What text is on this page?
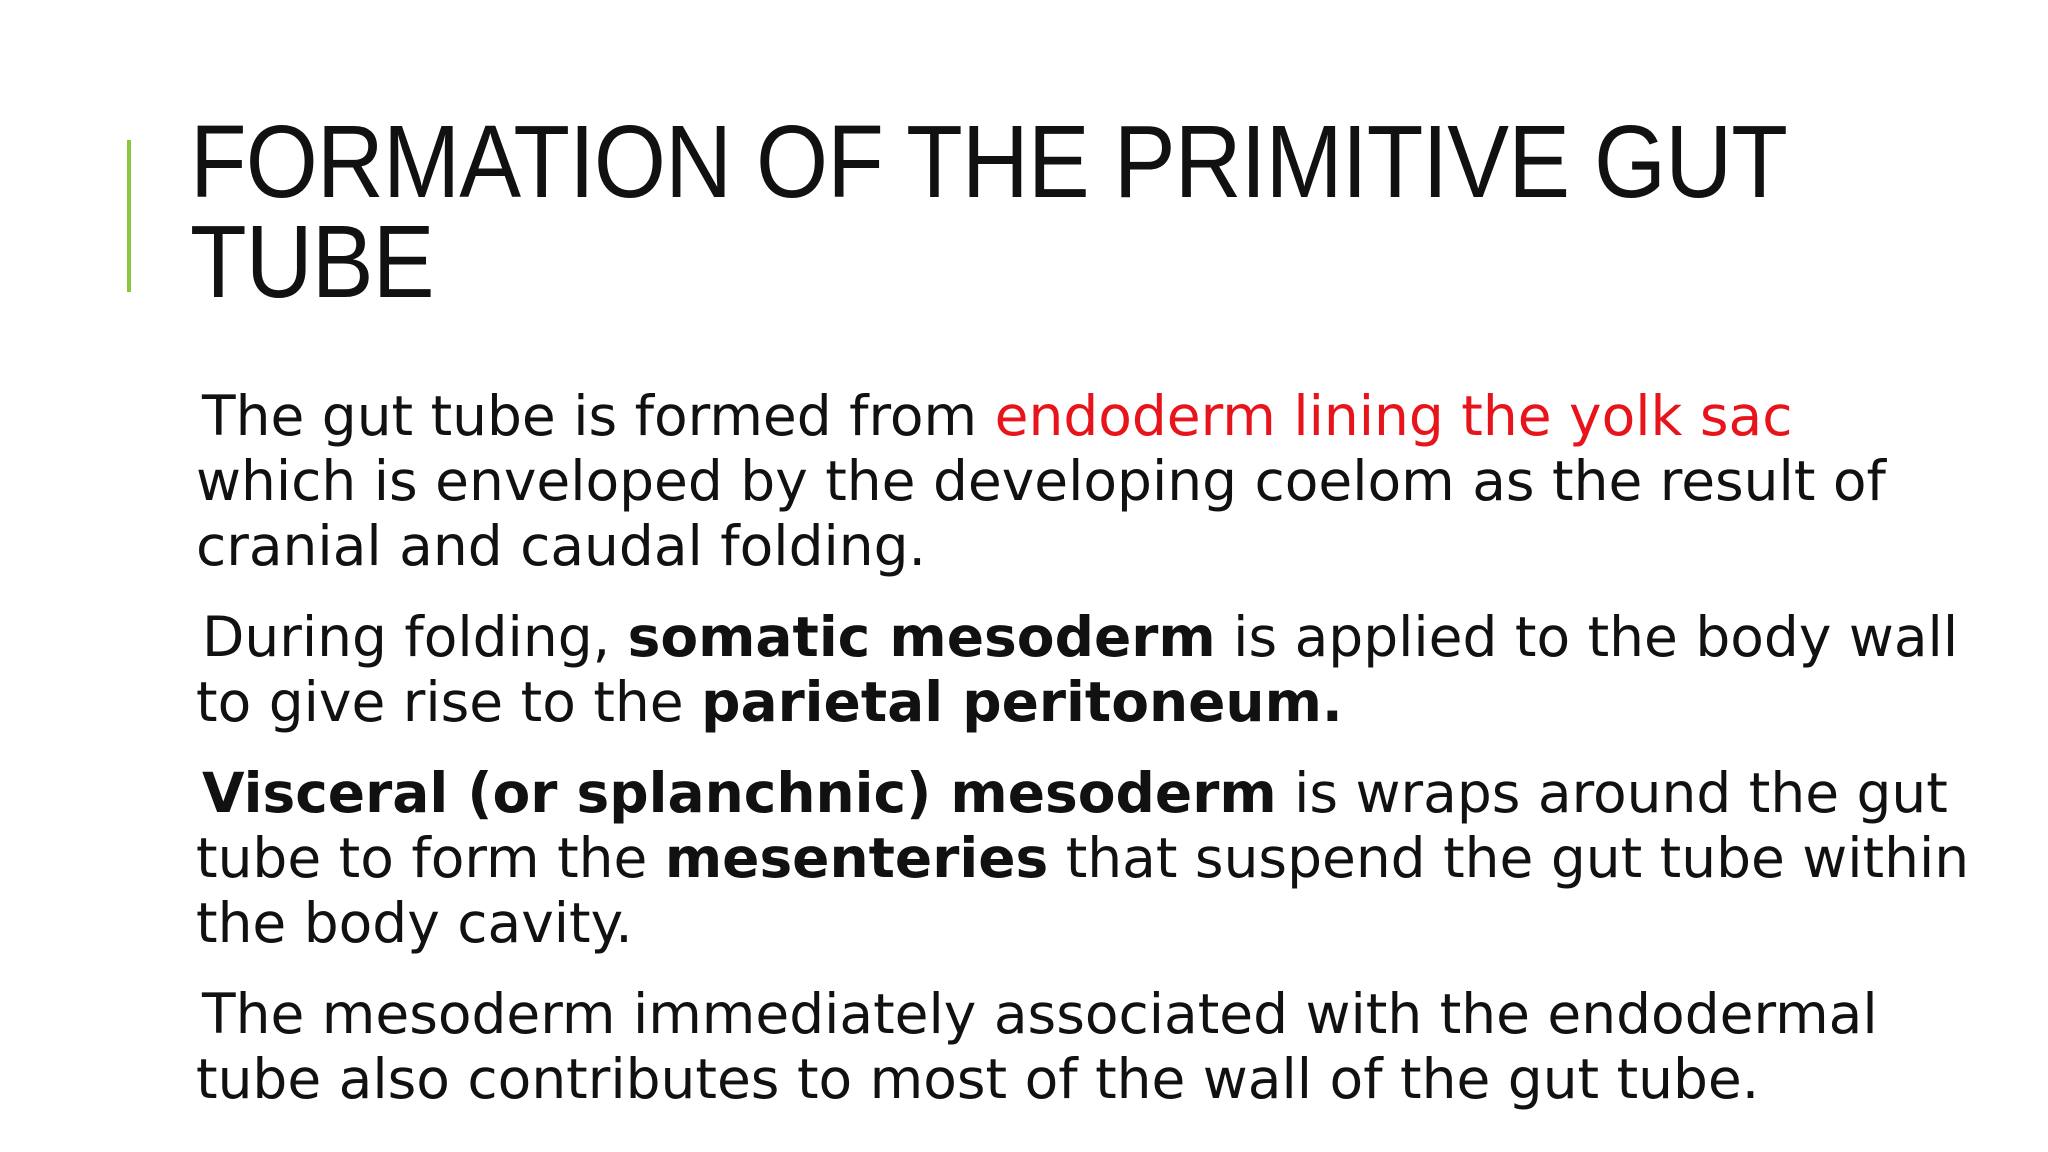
FORMATION OF THE PRIMITIVE GUT
TUBE

The gut tube is formed from endoderm lining the yolk sac
which is enveloped by the developing coelom as the result of
cranial and caudal folding.

During folding, somatic mesoderm is applied to the body wall
to give rise to the parietal peritoneum.

Visceral (or splanchnic) mesoderm is wraps around the gut
tube to form the mesenteries that suspend the gut tube within
the body cavity.

The mesoderm immediately associated with the endodermal
tube also contributes to most of the wall of the gut tube.
